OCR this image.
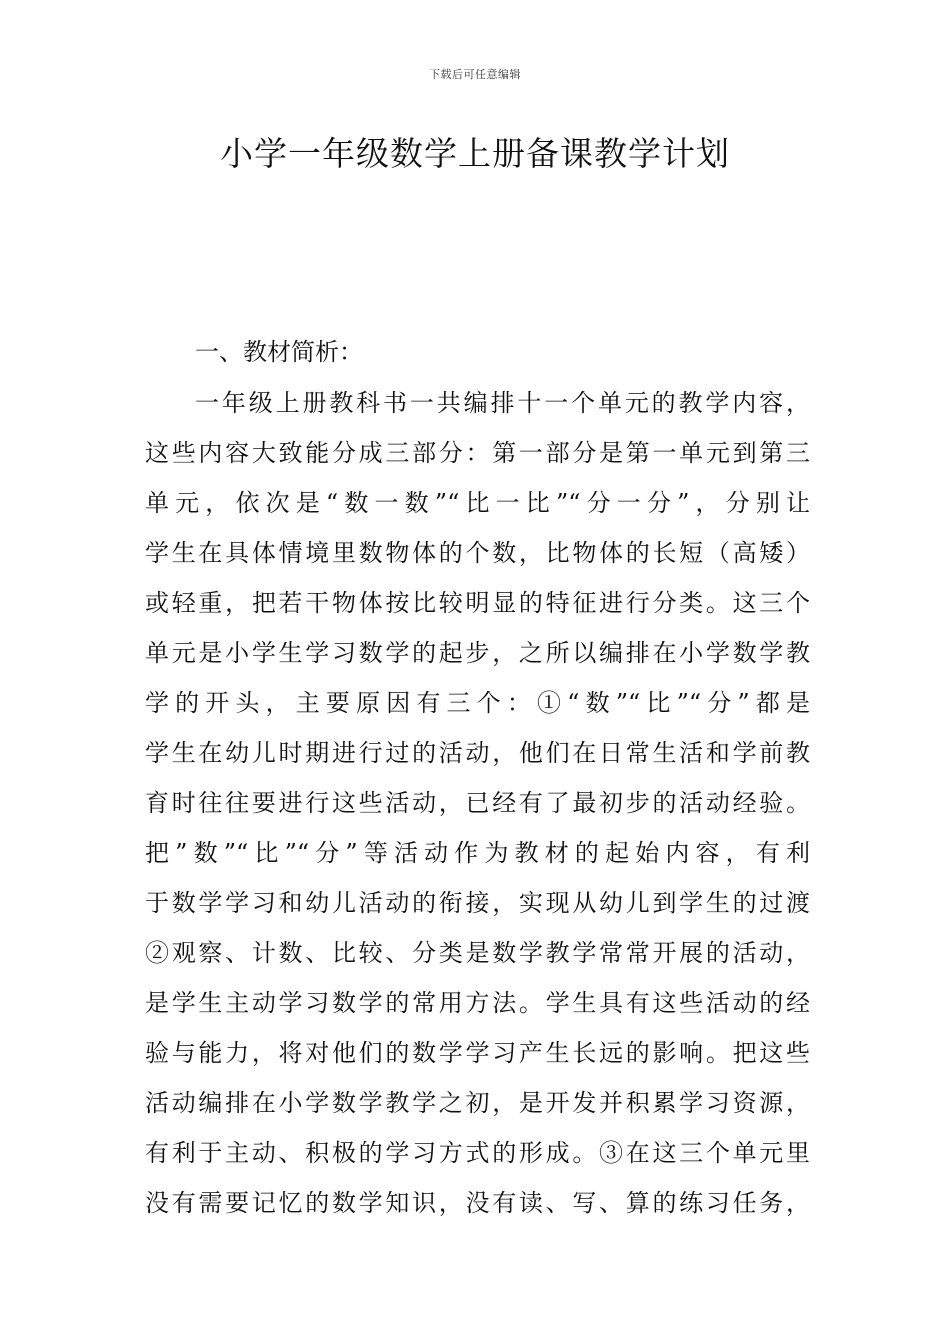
下载后可任意编辑
小学一年级数学上册备课教学计划
一、教材简析：
一年级上册教科书一共编排十一个单元的教学内容，
这些内容大致能分成三部分：第一部分是第一单元到第三
单元，依次是“数一数”“比一比”“分一分”，分别让
学生在具体情境里数物体的个数，比物体的长短（高矮）
或轻重，把若干物体按比较明显的特征进行分类。这三个
单元是小学生学习数学的起步，之所以编排在小学数学教
学的开头，主要原因有三个：①“数”“比”“分”都是
学生在幼儿时期进行过的活动，他们在日常生活和学前教
育时往往要进行这些活动，已经有了最初步的活动经验。
把”数”“比”“分”等活动作为教材的起始内容，有利
于数学学习和幼儿活动的衔接，实现从幼儿到学生的过渡
②观察、计数、比较、分类是数学教学常常开展的活动，
是学生主动学习数学的常用方法。学生具有这些活动的经
验与能力，将对他们的数学学习产生长远的影响。把这些
活动编排在小学数学教学之初，是开发并积累学习资源，
有利于主动、积极的学习方式的形成。③在这三个单元里
没有需要记忆的数学知识，没有读、写、算的练习任务，
